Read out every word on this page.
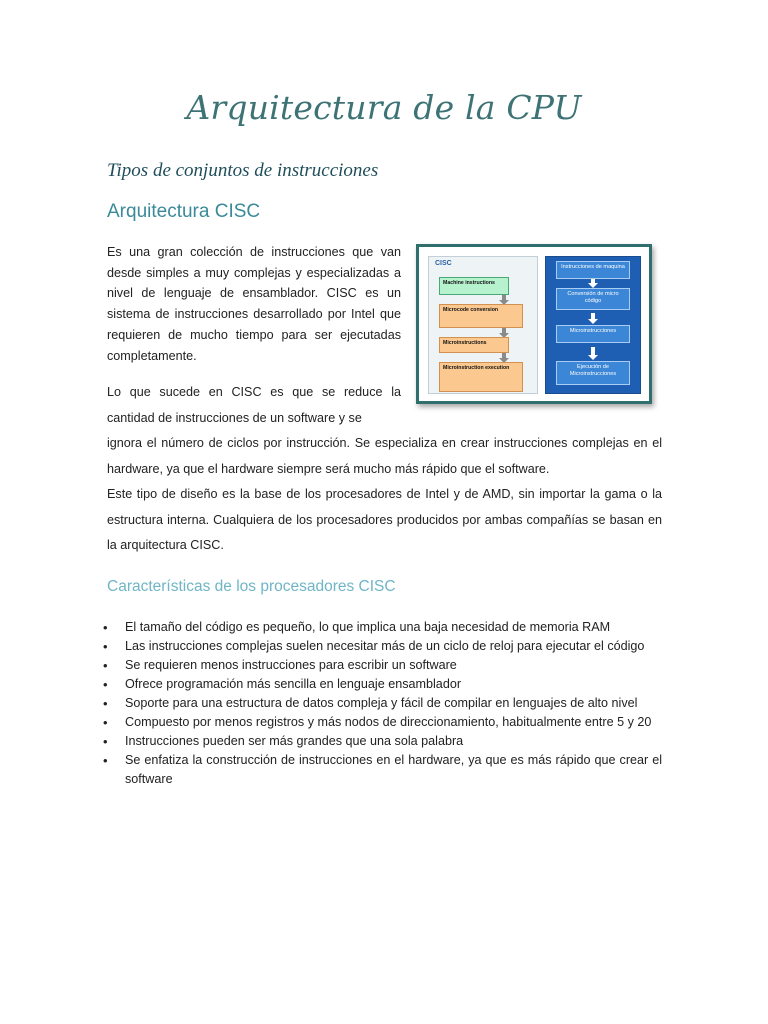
Arquitectura de la CPU
Tipos de conjuntos de instrucciones
Arquitectura CISC
Es una gran colección de instrucciones que van desde simples a muy complejas y especializadas a nivel de lenguaje de ensamblador. CISC es un sistema de instrucciones desarrollado por Intel que requieren de mucho tiempo para ser ejecutadas completamente.
Lo que sucede en CISC es que se reduce la cantidad de instrucciones de un software y se
ignora el número de ciclos por instrucción. Se especializa en crear instrucciones complejas en el hardware, ya que el hardware siempre será mucho más rápido que el software.
Este tipo de diseño es la base de los procesadores de Intel y de AMD, sin importar la gama o la estructura interna. Cualquiera de los procesadores producidos por ambas compañías se basan en la arquitectura CISC.
CISC
Machine instructions
Microcode conversion
Microinstructions
Microinstruction execution
Instrucciones de maquina
Conversión de micro código
Microinstrucciones
Ejecución de Microinstrucciones
Características de los procesadores CISC
• El tamaño del código es pequeño, lo que implica una baja necesidad de memoria RAM
• Las instrucciones complejas suelen necesitar más de un ciclo de reloj para ejecutar el código
• Se requieren menos instrucciones para escribir un software
• Ofrece programación más sencilla en lenguaje ensamblador
• Soporte para una estructura de datos compleja y fácil de compilar en lenguajes de alto nivel
• Compuesto por menos registros y más nodos de direccionamiento, habitualmente entre 5 y 20
• Instrucciones pueden ser más grandes que una sola palabra
• Se enfatiza la construcción de instrucciones en el hardware, ya que es más rápido que crear el software
